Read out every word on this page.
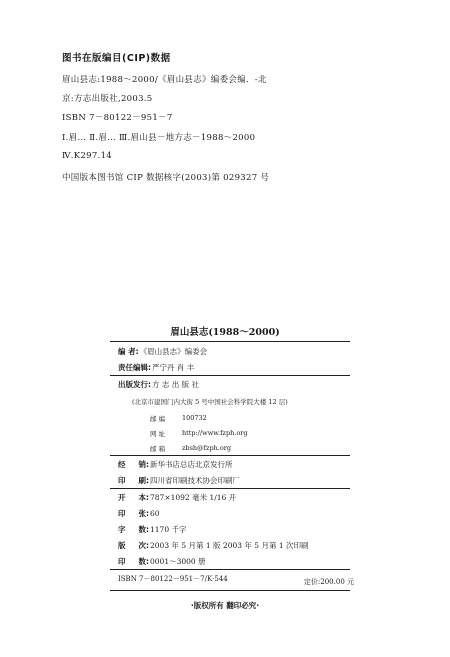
图书在版编目(CIP)数据
眉山县志:1988～2000/《眉山县志》编委会编．-北
京:方志出版社,2003.5
ISBN 7－80122－951－7
Ⅰ.眉… Ⅱ.眉… Ⅲ.眉山县－地方志－1988～2000
Ⅳ.K297.14
中国版本图书馆 CIP 数据核字(2003)第 029327 号
眉山县志(1988～2000)
编 者: 《眉山县志》编委会
责任编辑: 严宁丹 肖 丰
出版发行: 方 志 出 版 社
(北京市建国门内大街 5 号中国社会科学院大楼 12 层)
邮 编	100732
网 址	http://www.fzph.org
邮 箱	zbsh@fzph.org
经 销: 新华书店总店北京发行所
印 刷: 四川省印刷技术协会印刷厂
开 本: 787×1092 毫米 1/16 开
印 张: 60
字 数: 1170 千字
版 次: 2003 年 5 月第 1 版 2003 年 5 月第 1 次印刷
印 数: 0001～3000 册
ISBN 7－80122－951－7/K·544	定价:200.00 元
·版权所有 翻印必究·
